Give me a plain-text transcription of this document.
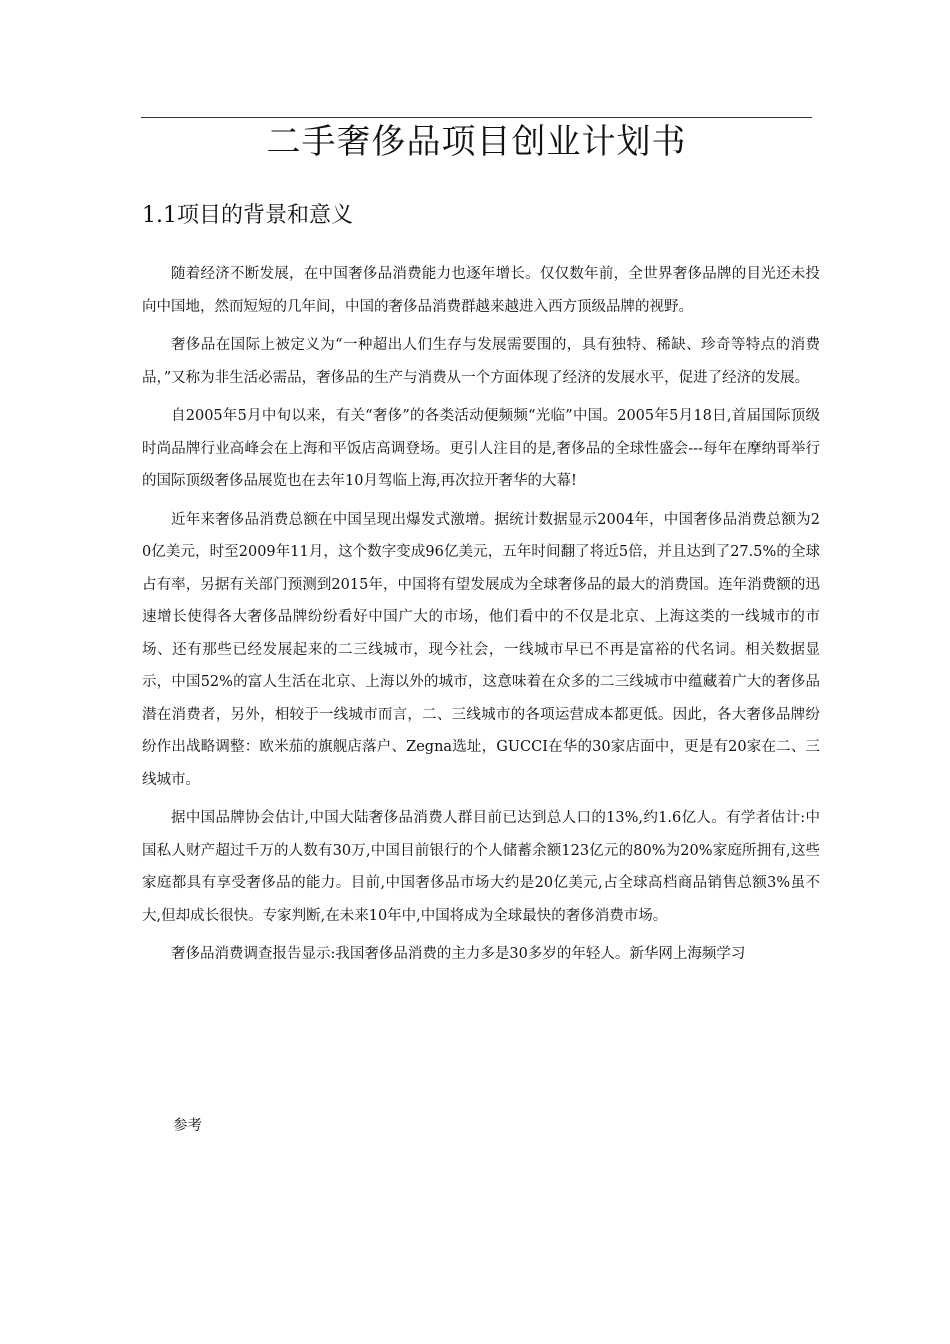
二手奢侈品项目创业计划书
1.1项目的背景和意义

随着经济不断发展，在中国奢侈品消费能力也逐年增长。仅仅数年前，全世界奢侈品牌的目光还未投向中国地，然而短短的几年间，中国的奢侈品消费群越来越进入西方顶级品牌的视野。

奢侈品在国际上被定义为“一种超出人们生存与发展需要围的，具有独特、稀缺、珍奇等特点的消费品，”又称为非生活必需品，奢侈品的生产与消费从一个方面体现了经济的发展水平，促进了经济的发展。

自2005年5月中旬以来，有关“奢侈”的各类活动便频频“光临”中国。2005年5月18日,首届国际顶级时尚品牌行业高峰会在上海和平饭店高调登场。更引人注目的是,奢侈品的全球性盛会---每年在摩纳哥举行的国际顶级奢侈品展览也在去年10月驾临上海,再次拉开奢华的大幕!

近年来奢侈品消费总额在中国呈现出爆发式激增。据统计数据显示2004年，中国奢侈品消费总额为20亿美元，时至2009年11月，这个数字变成96亿美元，五年时间翻了将近5倍，并且达到了27.5%的全球占有率，另据有关部门预测到2015年，中国将有望发展成为全球奢侈品的最大的消费国。连年消费额的迅速增长使得各大奢侈品牌纷纷看好中国广大的市场，他们看中的不仅是北京、上海这类的一线城市的市场、还有那些已经发展起来的二三线城市，现今社会，一线城市早已不再是富裕的代名词。相关数据显示，中国52%的富人生活在北京、上海以外的城市，这意味着在众多的二三线城市中蕴藏着广大的奢侈品潜在消费者，另外，相较于一线城市而言，二、三线城市的各项运营成本都更低。因此，各大奢侈品牌纷纷作出战略调整：欧米茄的旗舰店落户、Zegna选址，GUCCI在华的30家店面中，更是有20家在二、三线城市。

据中国品牌协会估计,中国大陆奢侈品消费人群目前已达到总人口的13%,约1.6亿人。有学者估计:中国私人财产超过千万的人数有30万,中国目前银行的个人储蓄余额123亿元的80%为20%家庭所拥有,这些家庭都具有享受奢侈品的能力。目前,中国奢侈品市场大约是20亿美元,占全球高档商品销售总额3%虽不大,但却成长很快。专家判断,在未来10年中,中国将成为全球最快的奢侈消费市场。

奢侈品消费调查报告显示:我国奢侈品消费的主力多是30多岁的年轻人。新华网上海频学习

参考
